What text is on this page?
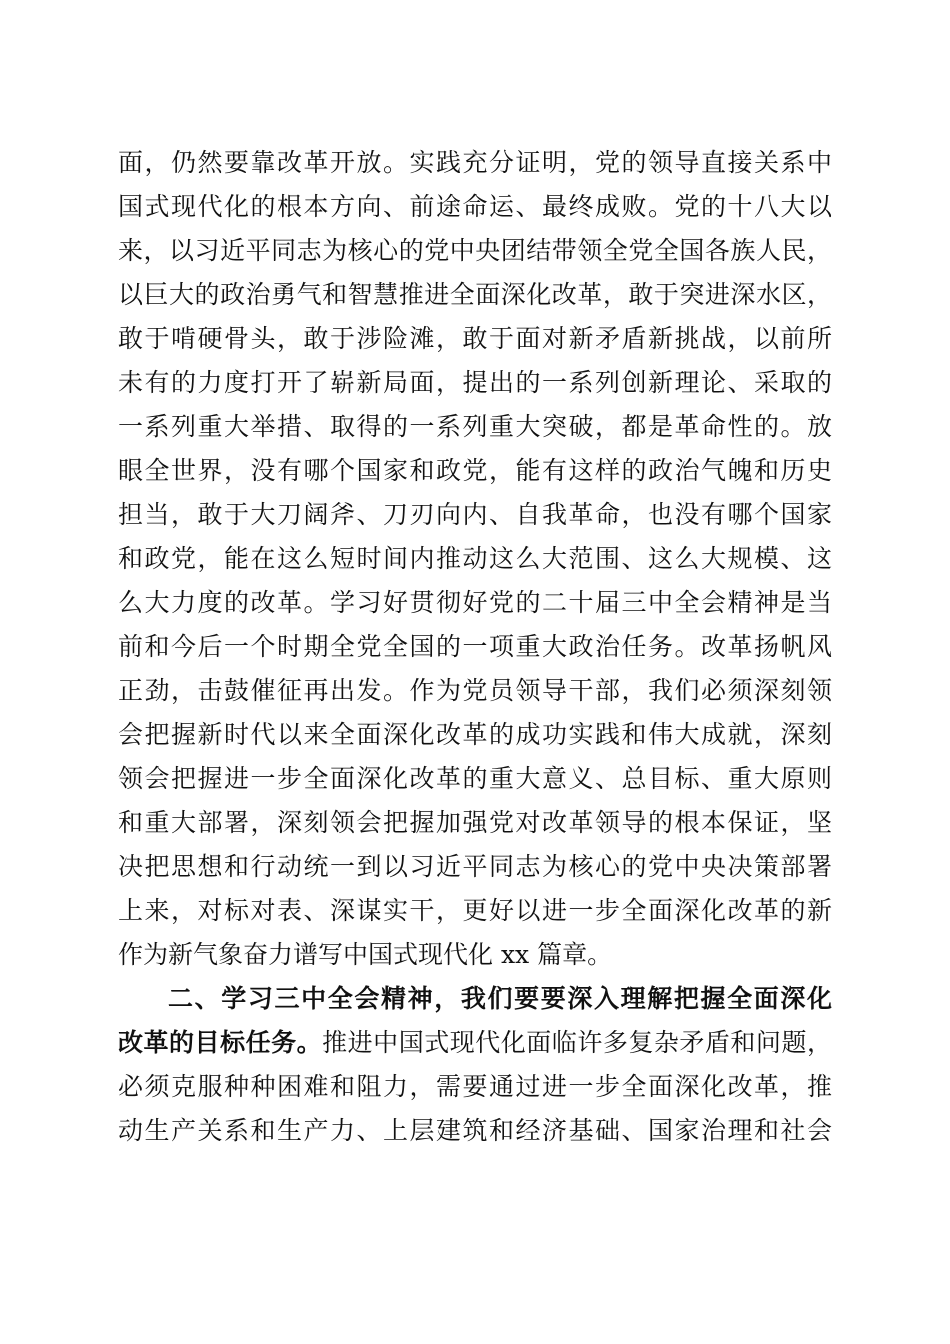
面，仍然要靠改革开放。实践充分证明，党的领导直接关系中
国式现代化的根本方向、前途命运、最终成败。党的十八大以
来，以习近平同志为核心的党中央团结带领全党全国各族人民，
以巨大的政治勇气和智慧推进全面深化改革，敢于突进深水区，
敢于啃硬骨头，敢于涉险滩，敢于面对新矛盾新挑战，以前所
未有的力度打开了崭新局面，提出的一系列创新理论、采取的
一系列重大举措、取得的一系列重大突破，都是革命性的。放
眼全世界，没有哪个国家和政党，能有这样的政治气魄和历史
担当，敢于大刀阔斧、刀刃向内、自我革命，也没有哪个国家
和政党，能在这么短时间内推动这么大范围、这么大规模、这
么大力度的改革。学习好贯彻好党的二十届三中全会精神是当
前和今后一个时期全党全国的一项重大政治任务。改革扬帆风
正劲，击鼓催征再出发。作为党员领导干部，我们必须深刻领
会把握新时代以来全面深化改革的成功实践和伟大成就，深刻
领会把握进一步全面深化改革的重大意义、总目标、重大原则
和重大部署，深刻领会把握加强党对改革领导的根本保证，坚
决把思想和行动统一到以习近平同志为核心的党中央决策部署
上来，对标对表、深谋实干，更好以进一步全面深化改革的新
作为新气象奋力谱写中国式现代化 xx 篇章。
二、学习三中全会精神，我们要要深入理解把握全面深化
改革的目标任务。推进中国式现代化面临许多复杂矛盾和问题，
必须克服种种困难和阻力，需要通过进一步全面深化改革，推
动生产关系和生产力、上层建筑和经济基础、国家治理和社会
